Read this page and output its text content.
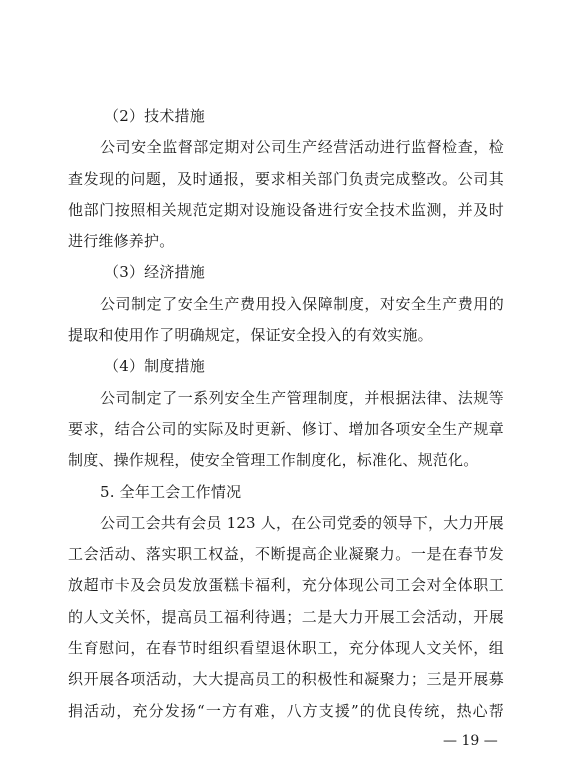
（2）技术措施
公司安全监督部定期对公司生产经营活动进行监督检查，检
查发现的问题，及时通报，要求相关部门负责完成整改。公司其
他部门按照相关规范定期对设施设备进行安全技术监测，并及时
进行维修养护。
（3）经济措施
公司制定了安全生产费用投入保障制度，对安全生产费用的
提取和使用作了明确规定，保证安全投入的有效实施。
（4）制度措施
公司制定了一系列安全生产管理制度，并根据法律、法规等
要求，结合公司的实际及时更新、修订、增加各项安全生产规章
制度、操作规程，使安全管理工作制度化，标准化、规范化。
5. 全年工会工作情况
公司工会共有会员 123 人，在公司党委的领导下，大力开展
工会活动、落实职工权益，不断提高企业凝聚力。一是在春节发
放超市卡及会员发放蛋糕卡福利，充分体现公司工会对全体职工
的人文关怀，提高员工福利待遇；二是大力开展工会活动，开展
生育慰问，在春节时组织看望退休职工，充分体现人文关怀，组
织开展各项活动，大大提高员工的积极性和凝聚力；三是开展募
捐活动，充分发扬“一方有难，八方支援”的优良传统，热心帮
— 19 —
